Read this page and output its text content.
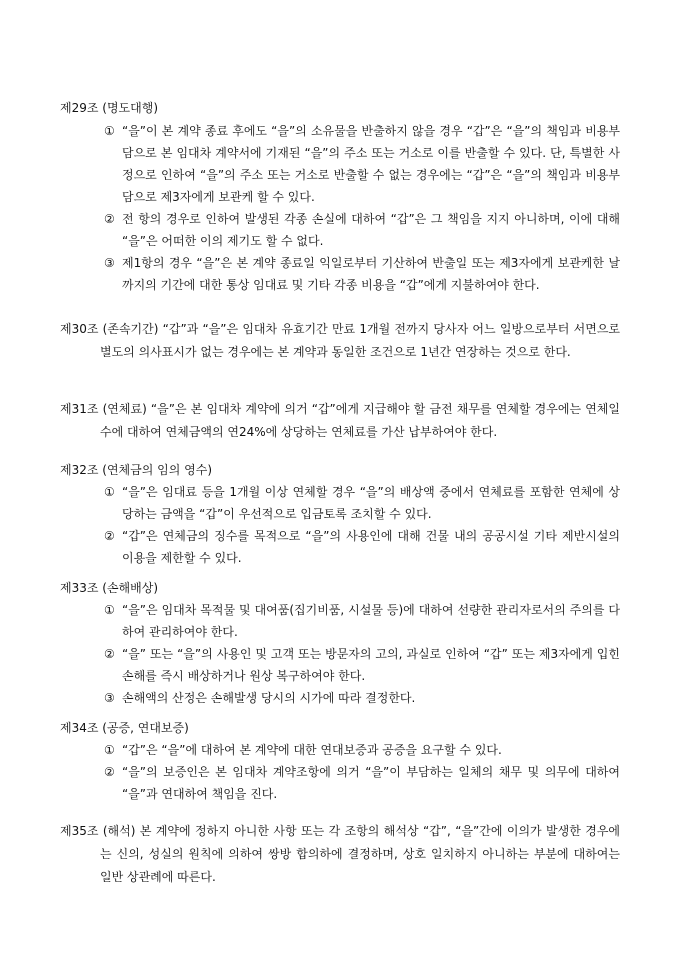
제29조 (명도대행)
① “을”이 본 계약 종료 후에도 “을”의 소유물을 반출하지 않을 경우 “갑”은 “을”의 책임과 비용부담으로 본 임대차 계약서에 기재된 “을”의 주소 또는 거소로 이를 반출할 수 있다. 단, 특별한 사정으로 인하여 “을”의 주소 또는 거소로 반출할 수 없는 경우에는 “갑”은 “을”의 책임과 비용부담으로 제3자에게 보관케 할 수 있다.
② 전 항의 경우로 인하여 발생된 각종 손실에 대하여 “갑”은 그 책임을 지지 아니하며, 이에 대해 “을”은 어떠한 이의 제기도 할 수 없다.
③ 제1항의 경우 “을”은 본 계약 종료일 익일로부터 기산하여 반출일 또는 제3자에게 보관케한 날까지의 기간에 대한 통상 임대료 및 기타 각종 비용을 “갑”에게 지불하여야 한다.
제30조 (존속기간) “갑”과 “을”은 임대차 유효기간 만료 1개월 전까지 당사자 어느 일방으로부터 서면으로 별도의 의사표시가 없는 경우에는 본 계약과 동일한 조건으로 1년간 연장하는 것으로 한다.
제31조 (연체료) “을”은 본 임대차 계약에 의거 “갑”에게 지급해야 할 금전 채무를 연체할 경우에는 연체일수에 대하여 연체금액의 연24%에 상당하는 연체료를 가산 납부하여야 한다.
제32조 (연체금의 임의 영수)
① “을”은 임대료 등을 1개월 이상 연체할 경우 “을”의 배상액 중에서 연체료를 포함한 연체에 상당하는 금액을 “갑”이 우선적으로 입금토록 조치할 수 있다.
② “갑”은 연체금의 징수를 목적으로 “을”의 사용인에 대해 건물 내의 공공시설 기타 제반시설의 이용을 제한할 수 있다.
제33조 (손해배상)
① “을”은 임대차 목적물 및 대여품(집기비품, 시설물 등)에 대하여 선량한 관리자로서의 주의를 다하여 관리하여야 한다.
② “을” 또는 “을”의 사용인 및 고객 또는 방문자의 고의, 과실로 인하여 “갑” 또는 제3자에게 입힌 손해를 즉시 배상하거나 원상 복구하여야 한다.
③ 손해액의 산정은 손해발생 당시의 시가에 따라 결정한다.
제34조 (공증, 연대보증)
① “갑”은 “을”에 대하여 본 계약에 대한 연대보증과 공증을 요구할 수 있다.
② “을”의 보증인은 본 임대차 계약조항에 의거 “을”이 부담하는 일체의 채무 및 의무에 대하여 “을”과 연대하여 책임을 진다.
제35조 (해석) 본 계약에 정하지 아니한 사항 또는 각 조항의 해석상 “갑”, “을”간에 이의가 발생한 경우에는 신의, 성실의 원칙에 의하여 쌍방 합의하에 결정하며, 상호 일치하지 아니하는 부분에 대하여는 일반 상관례에 따른다.
